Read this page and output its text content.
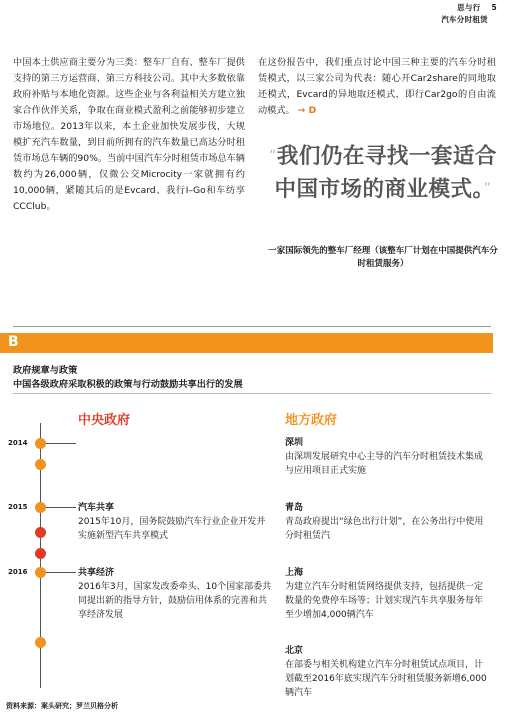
思与行 5
汽车分时租赁
中国本土供应商主要分为三类：整车厂自有、整车厂提供支持的第三方运营商、第三方科技公司。其中大多数依靠政府补贴与本地化资源。这些企业与各利益相关方建立独家合作伙伴关系，争取在商业模式盈利之前能够初步建立市场地位。2013年以来，本土企业加快发展步伐，大规模扩充汽车数量，到目前所拥有的汽车数量已高达分时租赁市场总车辆的90%。当前中国汽车分时租赁市场总车辆数约为26,000辆，仅微公交Microcity一家就拥有约10,000辆，紧随其后的是Evcard、我行I–Go和车纺享CCClub。
在这份报告中，我们重点讨论中国三种主要的汽车分时租赁模式，以三家公司为代表：随心开Car2share的同地取还模式，Evcard的异地取还模式，即行Car2go的自由流动模式。 → D
“我们仍在寻找一套适合中国市场的商业模式。”
一家国际领先的整车厂经理（该整车厂计划在中国提供汽车分时租赁服务）
B
政府规章与政策
中国各级政府采取积极的政策与行动鼓励共享出行的发展
中央政府	地方政府
2014
2015
2016
汽车共享
2015年10月，国务院鼓励汽车行业企业开发并实施新型汽车共享模式
共享经济
2016年3月，国家发改委牵头、10个国家部委共同提出新的指导方针，鼓励信用体系的完善和共享经济发展
深圳
由深圳发展研究中心主导的汽车分时租赁技术集成与应用项目正式实施
青岛
青岛政府提出“绿色出行计划”，在公务出行中使用分时租赁汽
上海
为建立汽车分时租赁网络提供支持，包括提供一定数量的免费停车场等；计划实现汽车共享服务每年至少增加4,000辆汽车
北京
在部委与相关机构建立汽车分时租赁试点项目，计划截至2016年底实现汽车分时租赁服务新增6,000辆汽车
资料来源：案头研究；罗兰贝格分析
